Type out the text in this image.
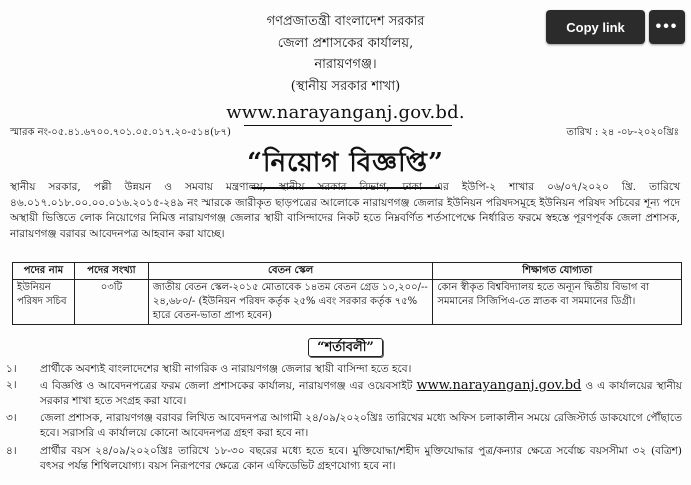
গণপ্রজাতন্ত্রী বাংলাদেশ সরকার
জেলা প্রশাসকের কার্যালয়,
নারায়ণগঞ্জ।
(স্থানীয় সরকার শাখা)
www.narayanganj.gov.bd.
স্মারক নং-০৫.৪১.৬৭০০.৭০১.০৫.০১৭.২০-৫১৪(৮৭)	তারিখ : ২৪ -০৮-২০২০খ্রিঃ
“নিয়োগ বিজ্ঞপ্তি”
স্থানীয় সরকার, পল্লী উন্নয়ন ও সমবায় মন্ত্রণালয়, স্থানীয় সরকার বিভাগ, ঢাকা এর ইউপি-২ শাখার ০৬/০৭/২০২০ খ্রি. তারিখে ৪৬.০১৭.০১৮.০০.০০.০১৬.২০১৫-২৪৯ নং স্মারকে জারীকৃত ছাড়পত্রের আলোকে নারায়ণগঞ্জ জেলার ইউনিয়ন পরিষদসমূহে ইউনিয়ন পরিষদ সচিবের শূন্য পদে অস্থায়ী ভিত্তিতে লোক নিয়োগের নিমিত্ত নারায়ণগঞ্জ জেলার স্থায়ী বাসিন্দাদের নিকট হতে নিম্নবর্ণিত শর্তসাপেক্ষে নির্ধারিত ফরমে স্বহস্তে পূরণপূর্বক জেলা প্রশাসক, নারায়ণগঞ্জ বরাবর আবেদনপত্র আহবান করা যাচ্ছে।
পদের নাম	পদের সংখ্যা	বেতন স্কেল	শিক্ষাগত যোগ্যতা
ইউনিয়ন পরিষদ সচিব	০৩টি	জাতীয় বেতন স্কেল-২০১৫ মোতাবেক ১৪তম বেতন গ্রেড ১০,২০০/-- ২৪,৬৮০/- (ইউনিয়ন পরিষদ কর্তৃক ২৫% এবং সরকার কর্তৃক ৭৫% হারে বেতন-ভাতা প্রাপ্য হবেন)	কোন স্বীকৃত বিশ্ববিদ্যালয় হতে অন্যূন দ্বিতীয় বিভাগ বা সমমানের সিজিপিএ-তে স্নাতক বা সমমানের ডিগ্রী।
“শর্তাবলী”
১।	প্রার্থীকে অবশ্যই বাংলাদেশের স্থায়ী নাগরিক ও নারায়ণগঞ্জ জেলার স্থায়ী বাসিন্দা হতে হবে।
২।	এ বিজ্ঞপ্তি ও আবেদনপত্রের ফরম জেলা প্রশাসকের কার্যালয়, নারায়ণগঞ্জ এর ওয়েবসাইট www.narayanganj.gov.bd ও এ কার্যালয়ের স্থানীয় সরকার শাখা হতে সংগ্রহ করা যাবে।
৩।	জেলা প্রশাসক, নারায়ণগঞ্জ বরাবর লিখিত আবেদনপত্র আগামী ২৪/০৯/২০২০খ্রিঃ তারিখের মধ্যে অফিস চলাকালীন সময়ে রেজিস্টার্ড ডাকযোগে পৌঁছাতে হবে। সরাসরি এ কার্যালয়ে কোনো আবেদনপত্র গ্রহণ করা হবে না।
৪।	প্রার্থীর বয়স ২৪/০৯/২০২০খ্রিঃ তারিখে ১৮-৩০ বছরের মধ্যে হতে হবে। মুক্তিযোদ্ধা/শহীদ মুক্তিযোদ্ধার পুত্র/কন্যার ক্ষেত্রে সর্বোচ্চ বয়সসীমা ৩২ (বত্রিশ) বৎসর পর্যন্ত শিথিলযোগ্য। বয়স নিরূপণের ক্ষেত্রে কোন এফিডেভিট গ্রহণযোগ্য হবে না।
Copy link	•••
